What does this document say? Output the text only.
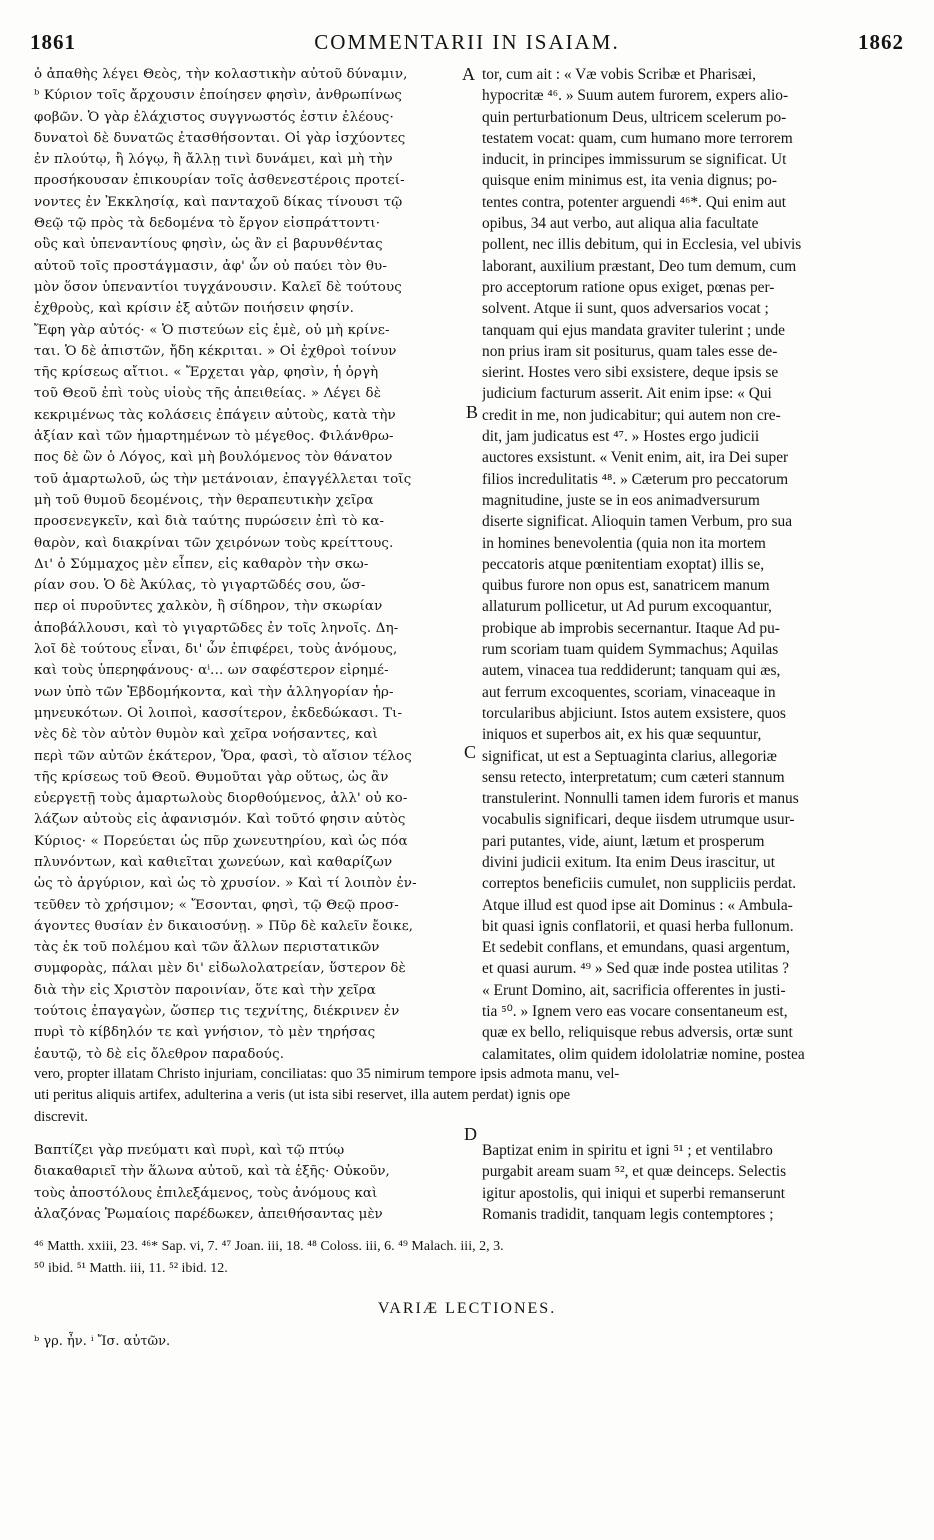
1861	COMMENTARII IN ISAIAM.	1862
ὁ ἀπαθὴς λέγει Θεὸς, τὴν κολαστικὴν αὐτοῦ δύναμιν,
ᵇ Κύριον τοῖς ἄρχουσιν ἐποίησεν φησὶν, ἀνθρωπίνως
φοβῶν. Ὁ γὰρ ἐλάχιστος συγγνωστός ἐστιν ἐλέους·
δυνατοὶ δὲ δυνατῶς ἐτασθήσονται. Οἱ γὰρ ἰσχύοντες
ἐν πλούτῳ, ἢ λόγῳ, ἢ ἄλλῃ τινὶ δυνάμει, καὶ μὴ τὴν
προσήκουσαν ἐπικουρίαν τοῖς ἀσθενεστέροις προτεί-
νοντες ἐν Ἐκκλησίᾳ, καὶ πανταχοῦ δίκας τίνουσι τῷ
Θεῷ τῷ πρὸς τὰ δεδομένα τὸ ἔργον εἰσπράττοντι·
οὓς καὶ ὑπεναντίους φησὶν, ὡς ἂν εἰ βαρυνθέντας
αὐτοῦ τοῖς προστάγμασιν, ἀφ' ὧν οὐ παύει τὸν θυ-
μὸν ὅσον ὑπεναντίοι τυγχάνουσιν. Καλεῖ δὲ τούτους
ἐχθροὺς, καὶ κρίσιν ἐξ αὐτῶν ποιήσειν φησίν.
Ἔφη γὰρ αὐτός· « Ὁ πιστεύων εἰς ἐμὲ, οὐ μὴ κρίνε-
ται. Ὁ δὲ ἀπιστῶν, ἤδη κέκριται. » Οἱ ἐχθροὶ τοίνυν
τῆς κρίσεως αἴτιοι. « Ἔρχεται γὰρ, φησὶν, ἡ ὀργὴ
τοῦ Θεοῦ ἐπὶ τοὺς υἱοὺς τῆς ἀπειθείας. » Λέγει δὲ
κεκριμένως τὰς κολάσεις ἐπάγειν αὐτοὺς, κατὰ τὴν
ἀξίαν καὶ τῶν ἡμαρτημένων τὸ μέγεθος. Φιλάνθρω-
πος δὲ ὢν ὁ Λόγος, καὶ μὴ βουλόμενος τὸν θάνατον
τοῦ ἁμαρτωλοῦ, ὡς τὴν μετάνοιαν, ἐπαγγέλλεται τοῖς
μὴ τοῦ θυμοῦ δεομένοις, τὴν θεραπευτικὴν χεῖρα
προσενεγκεῖν, καὶ διὰ ταύτης πυρώσειν ἐπὶ τὸ κα-
θαρὸν, καὶ διακρίναι τῶν χειρόνων τοὺς κρείττους.
Δι' ὁ Σύμμαχος μὲν εἶπεν, εἰς καθαρὸν τὴν σκω-
ρίαν σου. Ὁ δὲ Ἀκύλας, τὸ γιγαρτῶδές σου, ὥσ-
περ οἱ πυροῦντες χαλκὸν, ἢ σίδηρον, τὴν σκωρίαν
ἀποβάλλουσι, καὶ τὸ γιγαρτῶδες ἐν τοῖς ληνοῖς. Δη-
λοῖ δὲ τούτους εἶναι, δι' ὧν ἐπιφέρει, τοὺς ἀνόμους,
καὶ τοὺς ὑπερηφάνους· αⁱ... ων σαφέστερον εἰρημέ-
νων ὑπὸ τῶν Ἑβδομήκοντα, καὶ τὴν ἀλληγορίαν ἡρ-
μηνευκότων. Οἱ λοιποὶ, κασσίτερον, ἐκδεδώκασι. Τι-
νὲς δὲ τὸν αὐτὸν θυμὸν καὶ χεῖρα νοήσαντες, καὶ
περὶ τῶν αὐτῶν ἑκάτερον, Ὅρα, φασὶ, τὸ αἴσιον τέλος
τῆς κρίσεως τοῦ Θεοῦ. Θυμοῦται γὰρ οὕτως, ὡς ἂν
εὐεργετῇ τοὺς ἁμαρτωλοὺς διορθούμενος, ἀλλ' οὐ κο-
λάζων αὐτοὺς εἰς ἀφανισμόν. Καὶ τοῦτό φησιν αὐτὸς
Κύριος· « Πορεύεται ὡς πῦρ χωνευτηρίου, καὶ ὡς πόα
πλυνόντων, καὶ καθιεῖται χωνεύων, καὶ καθαρίζων
ὡς τὸ ἀργύριον, καὶ ὡς τὸ χρυσίον. » Καὶ τί λοιπὸν ἐν-
τεῦθεν τὸ χρήσιμον; « Ἔσονται, φησὶ, τῷ Θεῷ προσ-
άγοντες θυσίαν ἐν δικαιοσύνῃ. » Πῦρ δὲ καλεῖν ἔοικε,
τὰς ἐκ τοῦ πολέμου καὶ τῶν ἄλλων περιστατικῶν
συμφορὰς, πάλαι μὲν δι' εἰδωλολατρείαν, ὕστερον δὲ
διὰ τὴν εἰς Χριστὸν παροινίαν, ὅτε καὶ τὴν χεῖρα
τούτοις ἐπαγαγὼν, ὥσπερ τις τεχνίτης, διέκρινεν ἐν
πυρὶ τὸ κίβδηλόν τε καὶ γνήσιον, τὸ μὲν τηρήσας
ἑαυτῷ, τὸ δὲ εἰς ὄλεθρον παραδούς.
tor, cum ait : « Væ vobis Scribæ et Pharisæi,
hypocritæ ⁴⁶. » Suum autem furorem, expers alio-
quin perturbationum Deus, ultricem scelerum po-
testatem vocat: quam, cum humano more terrorem
inducit, in principes immissurum se significat. Ut
quisque enim minimus est, ita venia dignus; po-
tentes contra, potenter arguendi ⁴⁶*. Qui enim aut
opibus, 34 aut verbo, aut aliqua alia facultate
pollent, nec illis debitum, qui in Ecclesia, vel ubivis
laborant, auxilium præstant, Deo tum demum, cum
pro acceptorum ratione opus exiget, pœnas per-
solvent. Atque ii sunt, quos adversarios vocat ;
tanquam qui ejus mandata graviter tulerint ; unde
non prius iram sit positurus, quam tales esse de-
sierint. Hostes vero sibi exsistere, deque ipsis se
judicium facturum asserit. Ait enim ipse: « Qui
credit in me, non judicabitur; qui autem non cre-
dit, jam judicatus est ⁴⁷. » Hostes ergo judicii
auctores exsistunt. « Venit enim, ait, ira Dei super
filios incredulitatis ⁴⁸. » Cæterum pro peccatorum
magnitudine, juste se in eos animadversurum
diserte significat. Alioquin tamen Verbum, pro sua
in homines benevolentia (quia non ita mortem
peccatoris atque pœnitentiam exoptat) illis se,
quibus furore non opus est, sanatricem manum
allaturum pollicetur, ut Ad purum excoquantur,
probique ab improbis secernantur. Itaque Ad pu-
rum scoriam tuam quidem Symmachus; Aquilas
autem, vinacea tua reddiderunt; tanquam qui æs,
aut ferrum excoquentes, scoriam, vinaceaque in
torcularibus abjiciunt. Istos autem exsistere, quos
iniquos et superbos ait, ex his quæ sequuntur,
significat, ut est a Septuaginta clarius, allegoriæ
sensu retecto, interpretatum; cum cæteri stannum
transtulerint. Nonnulli tamen idem furoris et manus
vocabulis significari, deque iisdem utrumque usur-
pari putantes, vide, aiunt, lætum et prosperum
divini judicii exitum. Ita enim Deus irascitur, ut
correptos beneficiis cumulet, non suppliciis perdat.
Atque illud est quod ipse ait Dominus : « Ambula-
bit quasi ignis conflatorii, et quasi herba fullonum.
Et sedebit conflans, et emundans, quasi argentum,
et quasi aurum. ⁴⁹ » Sed quæ inde postea utilitas ?
« Erunt Domino, ait, sacrificia offerentes in justi-
tia ⁵⁰. » Ignem vero eas vocare consentaneum est,
quæ ex bello, reliquisque rebus adversis, ortæ sunt
calamitates, olim quidem idololatriæ nomine, postea
A
B
C
D
vero, propter illatam Christo injuriam, conciliatas: quo 35 nimirum tempore ipsis admota manu, vel-
uti peritus aliquis artifex, adulterina a veris (ut ista sibi reservet, illa autem perdat) ignis ope
discrevit.
Βαπτίζει γὰρ πνεύματι καὶ πυρὶ, καὶ τῷ πτύῳ
διακαθαριεῖ τὴν ἅλωνα αὐτοῦ, καὶ τὰ ἑξῆς· Οὐκοῦν,
τοὺς ἀποστόλους ἐπιλεξάμενος, τοὺς ἀνόμους καὶ
ἀλαζόνας Ῥωμαίοις παρέδωκεν, ἀπειθήσαντας μὲν
Baptizat enim in spiritu et igni ⁵¹ ; et ventilabro
purgabit aream suam ⁵², et quæ deinceps. Selectis
igitur apostolis, qui iniqui et superbi remanserunt
Romanis tradidit, tanquam legis contemptores ;
⁴⁶ Matth. xxiii, 23. ⁴⁶* Sap. vi, 7. ⁴⁷ Joan. iii, 18. ⁴⁸ Coloss. iii, 6. ⁴⁹ Malach. iii, 2, 3.
⁵⁰ ibid. ⁵¹ Matth. iii, 11. ⁵² ibid. 12.
VARIÆ LECTIONES.
ᵇ γρ. ἦν. ⁱ Ἴσ. αὐτῶν.
